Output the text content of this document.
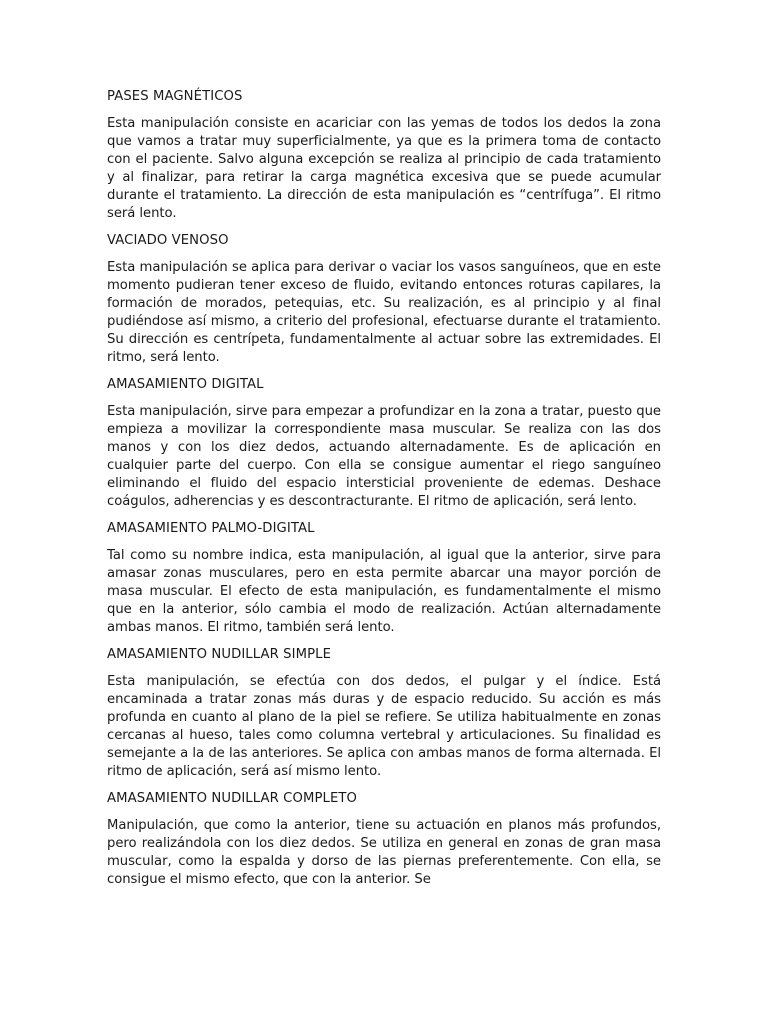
PASES MAGNÉTICOS
Esta manipulación consiste en acariciar con las yemas de todos los dedos la zona que vamos a tratar muy superficialmente, ya que es la primera toma de contacto con el paciente. Salvo alguna excepción se realiza al principio de cada tratamiento y al finalizar, para retirar la carga magnética excesiva que se puede acumular durante el tratamiento. La dirección de esta manipulación es “centrífuga”. El ritmo será lento.
VACIADO VENOSO
Esta manipulación se aplica para derivar o vaciar los vasos sanguíneos, que en este momento pudieran tener exceso de fluido, evitando entonces roturas capilares, la formación de morados, petequias, etc. Su realización, es al principio y al final pudiéndose así mismo, a criterio del profesional, efectuarse durante el tratamiento. Su dirección es centrípeta, fundamentalmente al actuar sobre las extremidades. El ritmo, será lento.
AMASAMIENTO DIGITAL
Esta manipulación, sirve para empezar a profundizar en la zona a tratar, puesto que empieza a movilizar la correspondiente masa muscular. Se realiza con las dos manos y con los diez dedos, actuando alternadamente. Es de aplicación en cualquier parte del cuerpo. Con ella se consigue aumentar el riego sanguíneo eliminando el fluido del espacio intersticial proveniente de edemas. Deshace coágulos, adherencias y es descontracturante. El ritmo de aplicación, será lento.
AMASAMIENTO PALMO-DIGITAL
Tal como su nombre indica, esta manipulación, al igual que la anterior, sirve para amasar zonas musculares, pero en esta permite abarcar una mayor porción de masa muscular. El efecto de esta manipulación, es fundamentalmente el mismo que en la anterior, sólo cambia el modo de realización. Actúan alternadamente ambas manos. El ritmo, también será lento.
AMASAMIENTO NUDILLAR SIMPLE
Esta manipulación, se efectúa con dos dedos, el pulgar y el índice. Está encaminada a tratar zonas más duras y de espacio reducido. Su acción es más profunda en cuanto al plano de la piel se refiere. Se utiliza habitualmente en zonas cercanas al hueso, tales como columna vertebral y articulaciones. Su finalidad es semejante a la de las anteriores. Se aplica con ambas manos de forma alternada. El ritmo de aplicación, será así mismo lento.
AMASAMIENTO NUDILLAR COMPLETO
Manipulación, que como la anterior, tiene su actuación en planos más profundos, pero realizándola con los diez dedos. Se utiliza en general en zonas de gran masa muscular, como la espalda y dorso de las piernas preferentemente. Con ella, se consigue el mismo efecto, que con la anterior. Se
